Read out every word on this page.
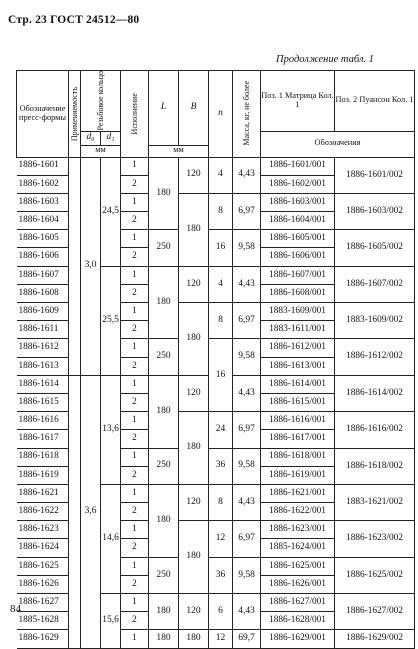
Стр. 23 ГОСТ 24512—80
Продолжение табл. 1
Обозначение пресс-формы	Применяемость	Резьбовое кольцо		Исполнение	L	B	n	Масса, кг, не более	Поз. 1 Матрица Кол. 1	Поз. 2 Пуансон Кол. 1
		d₀	d₁						Обозначения	
		мм			мм					
1886-1601		3,0	24,5	1	180	120	4	4,43	1886-1601/001	1886-1601/002
1886-1602				2					1886-1602/001	
1886-1603				1		180	8	6,97	1886-1603/001	1886-1603/002
1886-1604				2					1886-1604/001	
1886-1605				1	250		16	9,58	1886-1605/001	1886-1605/002
1886-1606				2					1886-1606/001	
1886-1607			25,5	1	180	120	4	4,43	1886-1607/001	1886-1607/002
1886-1608				2					1886-1608/001	
1886-1609				1		180	8	6,97	1883-1609/001	1883-1609/002
1886-1611				2					1883-1611/001	
1886-1612				1	250		16	9,58	1886-1612/001	1886-1612/002
1886-1613				2					1886-1613/001	
1886-1614		3,6	13,6	1	180	120		4,43	1886-1614/001	1886-1614/002
1886-1615				2					1886-1615/001	
1886-1616				1		180	24	6,97	1886-1616/001	1886-1616/002
1886-1617				2					1886-1617/001	
1886-1618				1	250		36	9,58	1886-1618/001	1886-1618/002
1886-1619				2					1886-1619/001	
1886-1621			14,6	1	180	120	8	4,43	1886-1621/001	1883-1621/002
1886-1622				2					1886-1622/001	
1886-1623				1		180	12	6,97	1886-1623/001	1886-1623/002
1886-1624				2					1885-1624/001	
1886-1625				1	250		36	9,58	1886-1625/001	1886-1625/002
1886-1626				2					1886-1626/001	
1886-1627			15,6	1	180	120	6	4,43	1886-1627/001	1886-1627/002
1885-1628				2					1886-1628/001	
1886-1629				1	180	180	12	69,7	1886-1629/001	1886-1629/002
84
